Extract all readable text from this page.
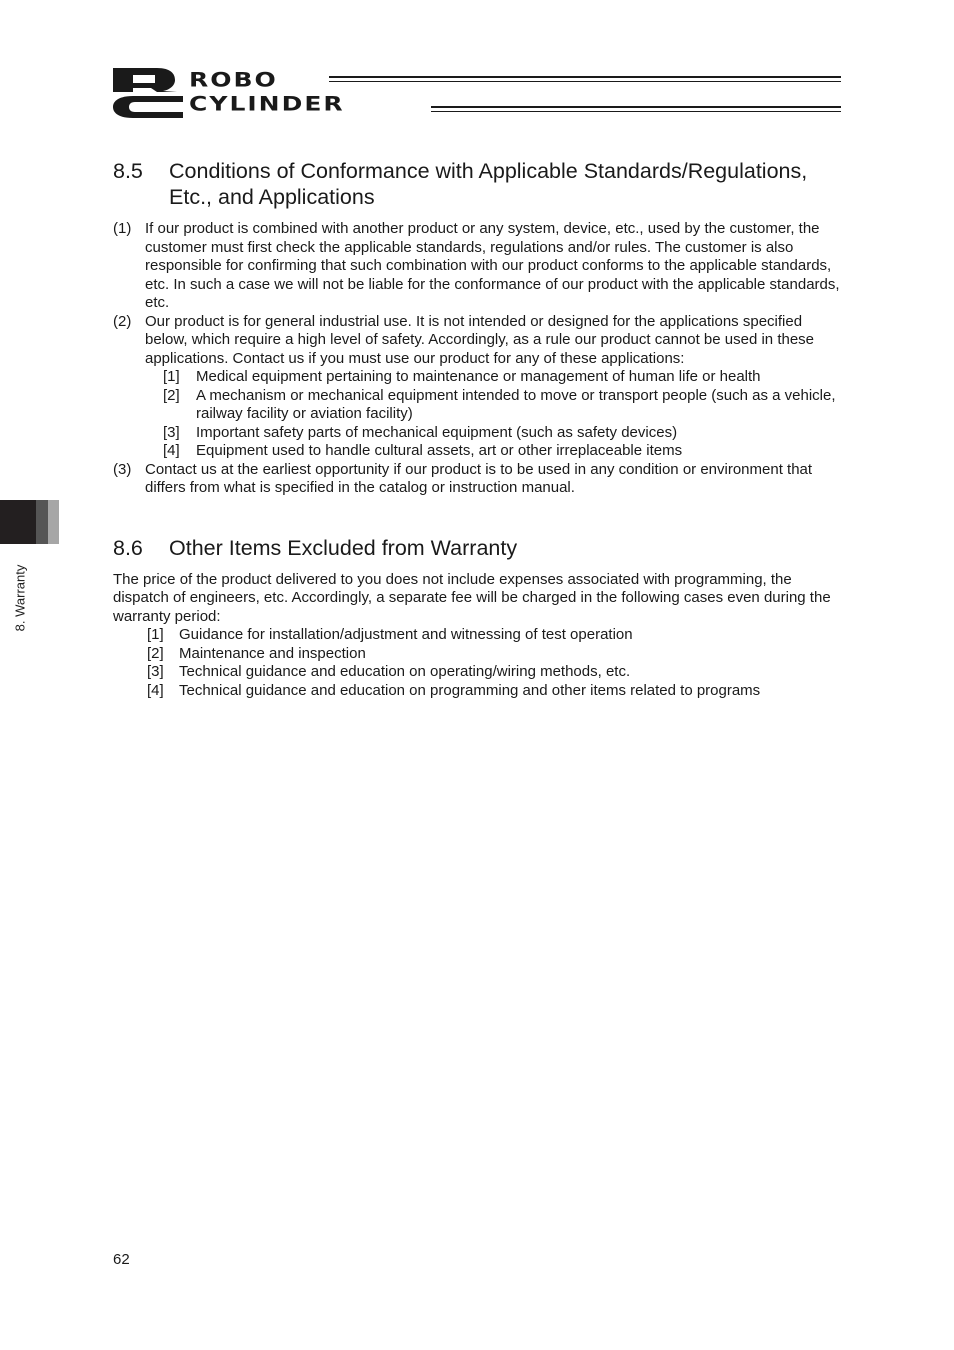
ROBO
CYLINDER
8. Warranty
8.5	Conditions of Conformance with Applicable Standards/Regulations, Etc., and Applications
(1) If our product is combined with another product or any system, device, etc., used by the customer, the customer must first check the applicable standards, regulations and/or rules. The customer is also responsible for confirming that such combination with our product conforms to the applicable standards, etc. In such a case we will not be liable for the conformance of our product with the applicable standards, etc.
(2) Our product is for general industrial use. It is not intended or designed for the applications specified below, which require a high level of safety. Accordingly, as a rule our product cannot be used in these applications. Contact us if you must use our product for any of these applications:
[1]	Medical equipment pertaining to maintenance or management of human life or health
[2]	A mechanism or mechanical equipment intended to move or transport people (such as a vehicle, railway facility or aviation facility)
[3]	Important safety parts of mechanical equipment (such as safety devices)
[4]	Equipment used to handle cultural assets, art or other irreplaceable items
(3) Contact us at the earliest opportunity if our product is to be used in any condition or environment that differs from what is specified in the catalog or instruction manual.
8.6	Other Items Excluded from Warranty
The price of the product delivered to you does not include expenses associated with programming, the dispatch of engineers, etc. Accordingly, a separate fee will be charged in the following cases even during the warranty period:
[1]	Guidance for installation/adjustment and witnessing of test operation
[2]	Maintenance and inspection
[3]	Technical guidance and education on operating/wiring methods, etc.
[4]	Technical guidance and education on programming and other items related to programs
62
